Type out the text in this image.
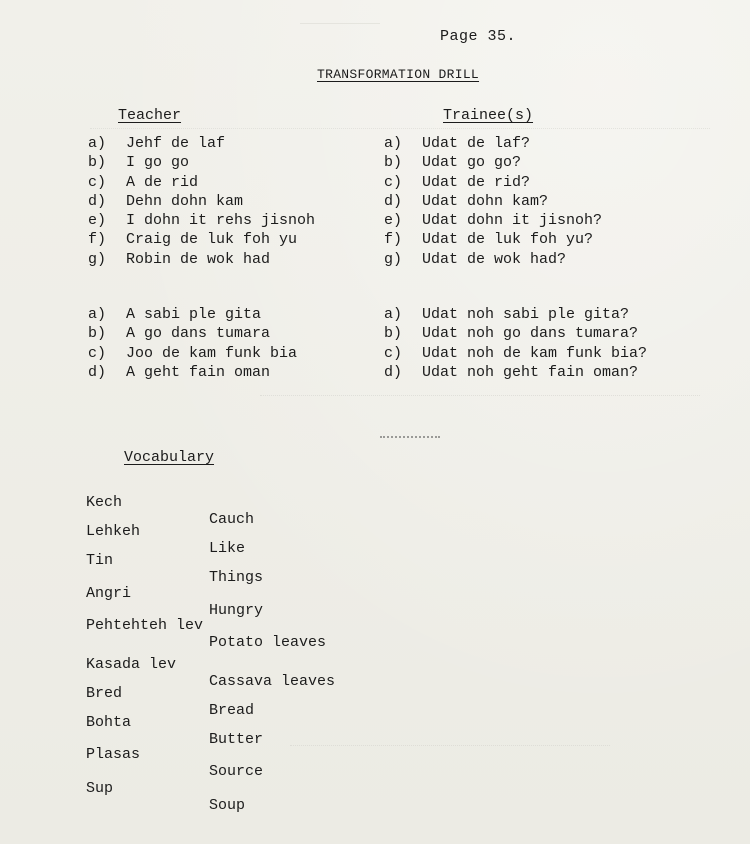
Page 35.
TRANSFORMATION DRILL
Teacher	Trainee(s)
a) Jehf de laf
b) I go go
c) A de rid
d) Dehn dohn kam
e) I dohn it rehs jisnoh
f) Craig de luk foh yu
g) Robin de wok had
a) Udat de laf?
b) Udat go go?
c) Udat de rid?
d) Udat dohn kam?
e) Udat dohn it jisnoh?
f) Udat de luk foh yu?
g) Udat de wok had?
a) A sabi ple gita
b) A go dans tumara
c) Joo de kam funk bia
d) A geht fain oman
a) Udat noh sabi ple gita?
b) Udat noh go dans tumara?
c) Udat noh de kam funk bia?
d) Udat noh geht fain oman?
Vocabulary

Kech

Cauch

Lehkeh

Like

Tin

Things

Angri

Hungry

Pehtehteh lev

Potato leaves

Kasada lev

Cassava leaves

Bred

Bread

Bohta

Butter

Plasas

Source

Sup

Soup
